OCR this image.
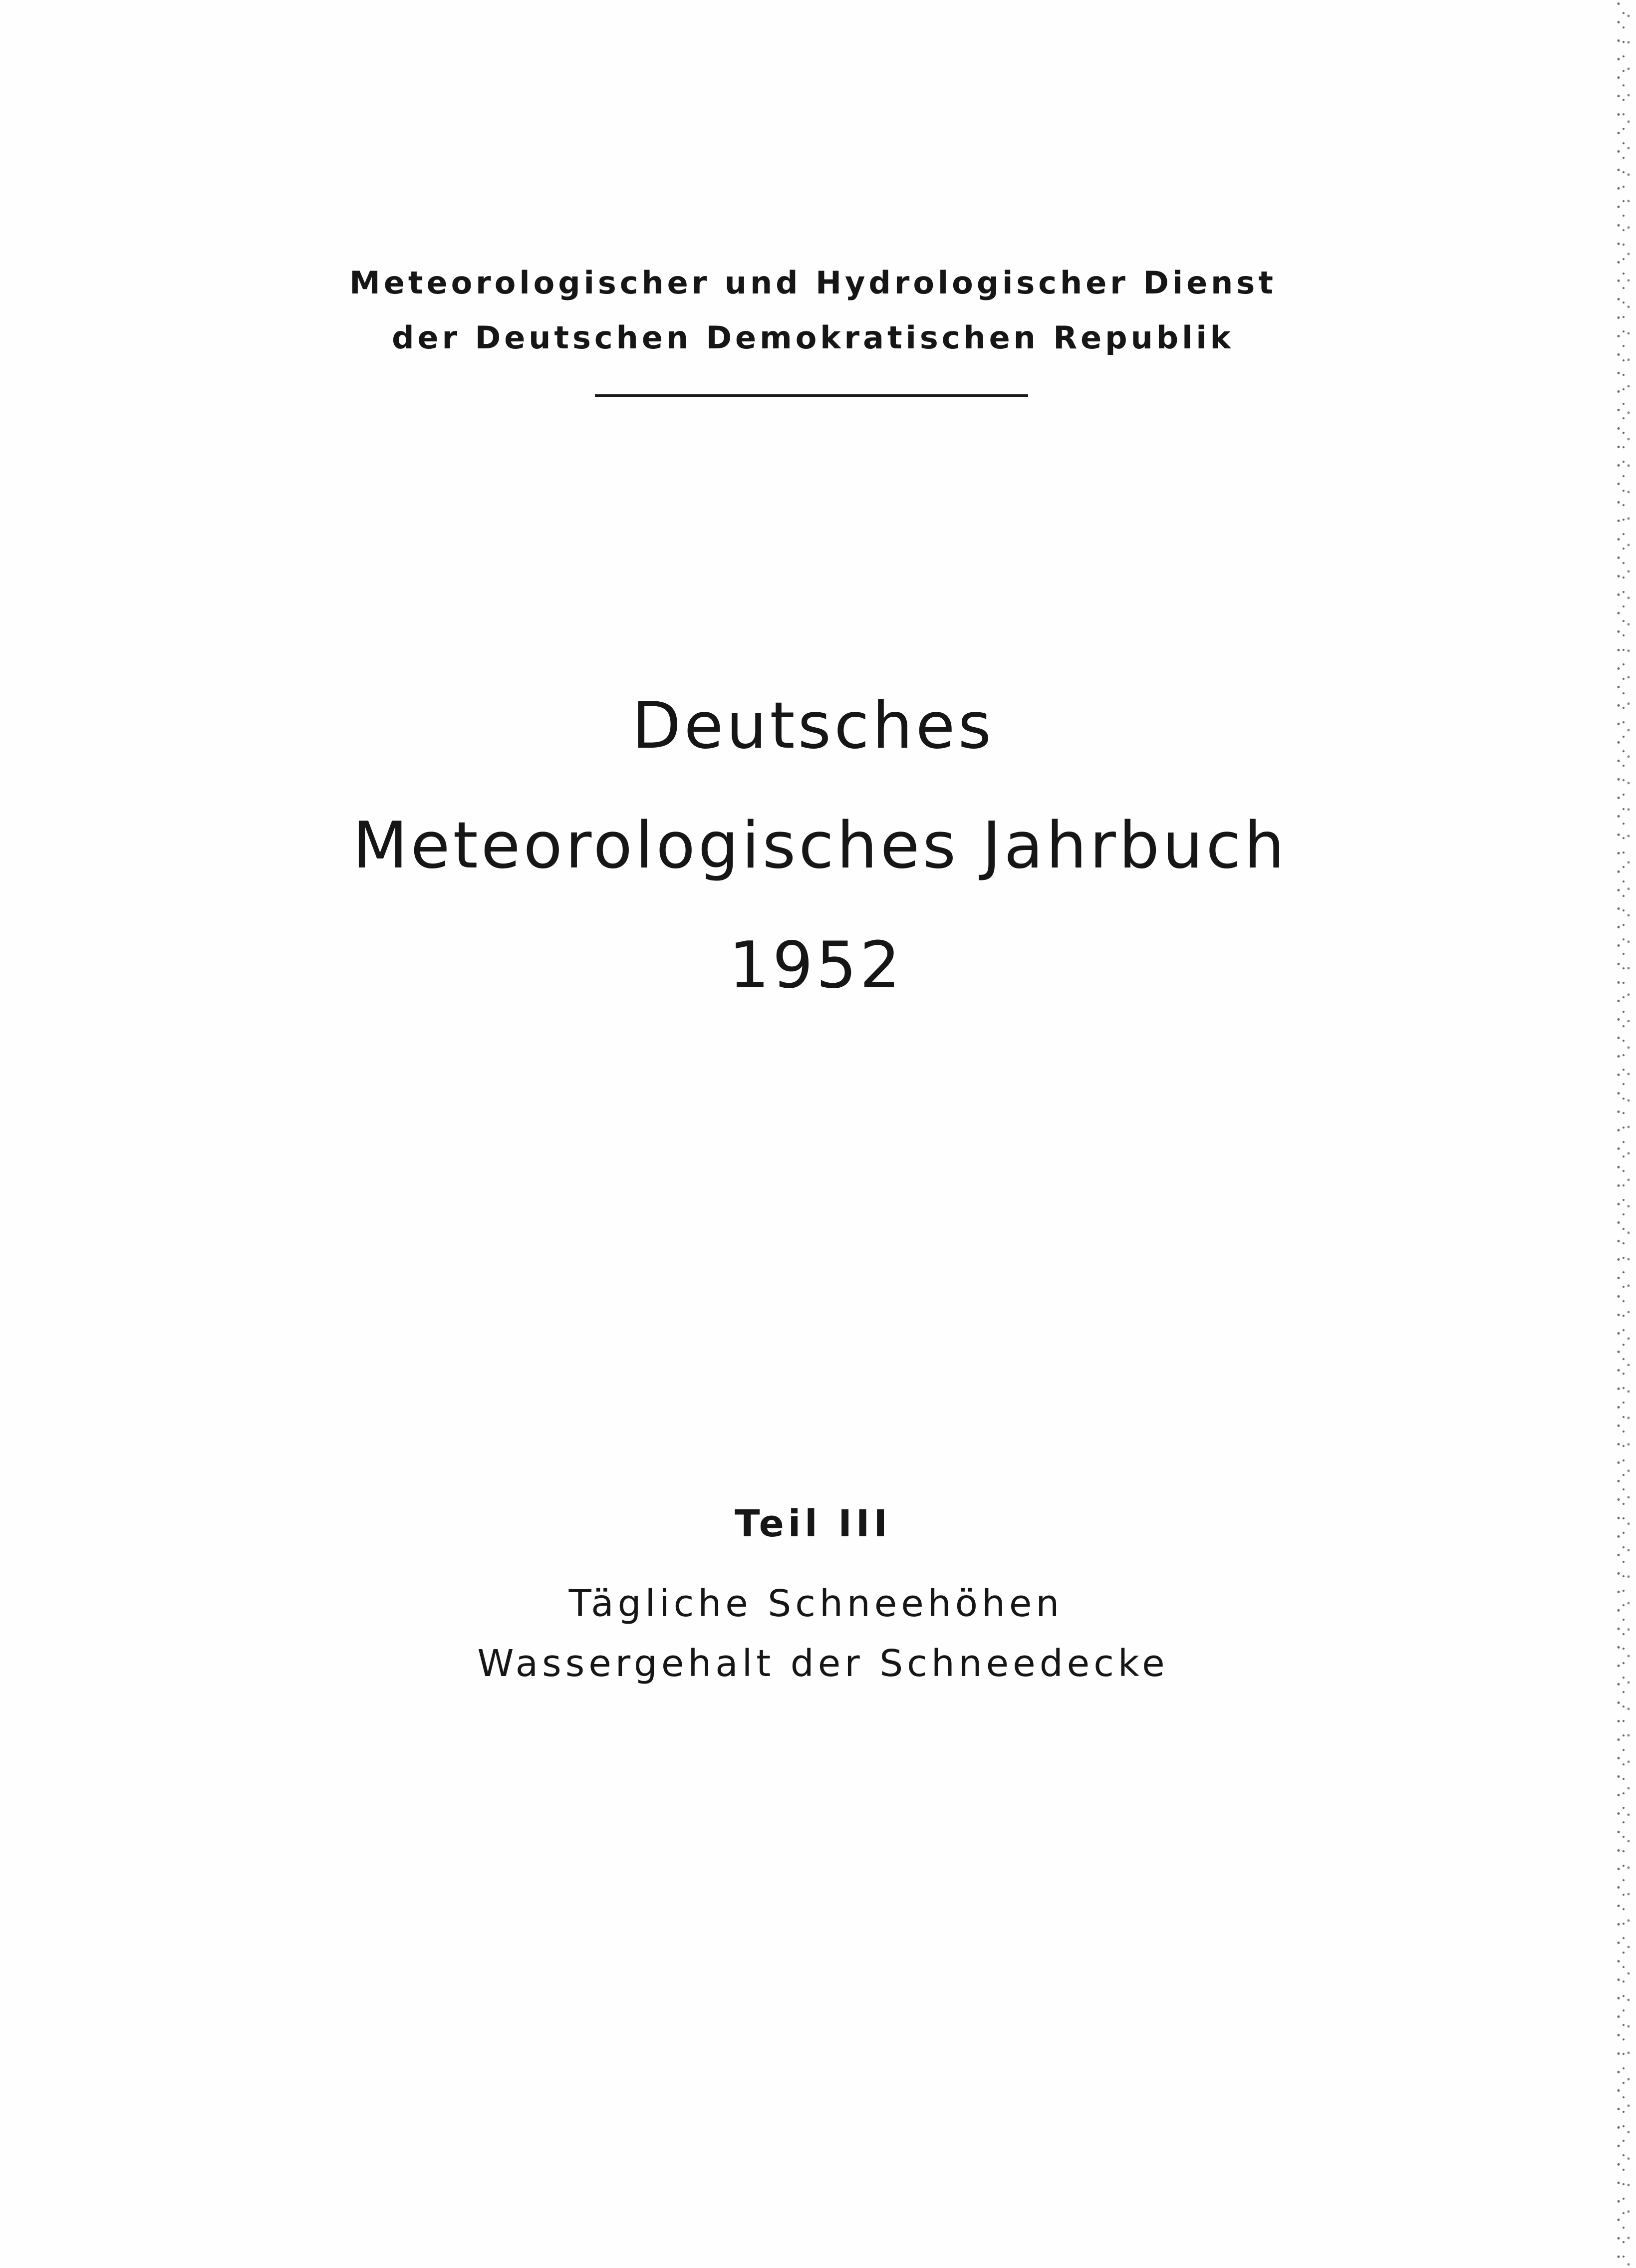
Meteorologischer und Hydrologischer Dienst
der Deutschen Demokratischen Republik
Deutsches
Meteorologisches Jahrbuch
1952
Teil III
Tägliche Schneehöhen
Wassergehalt der Schneedecke
